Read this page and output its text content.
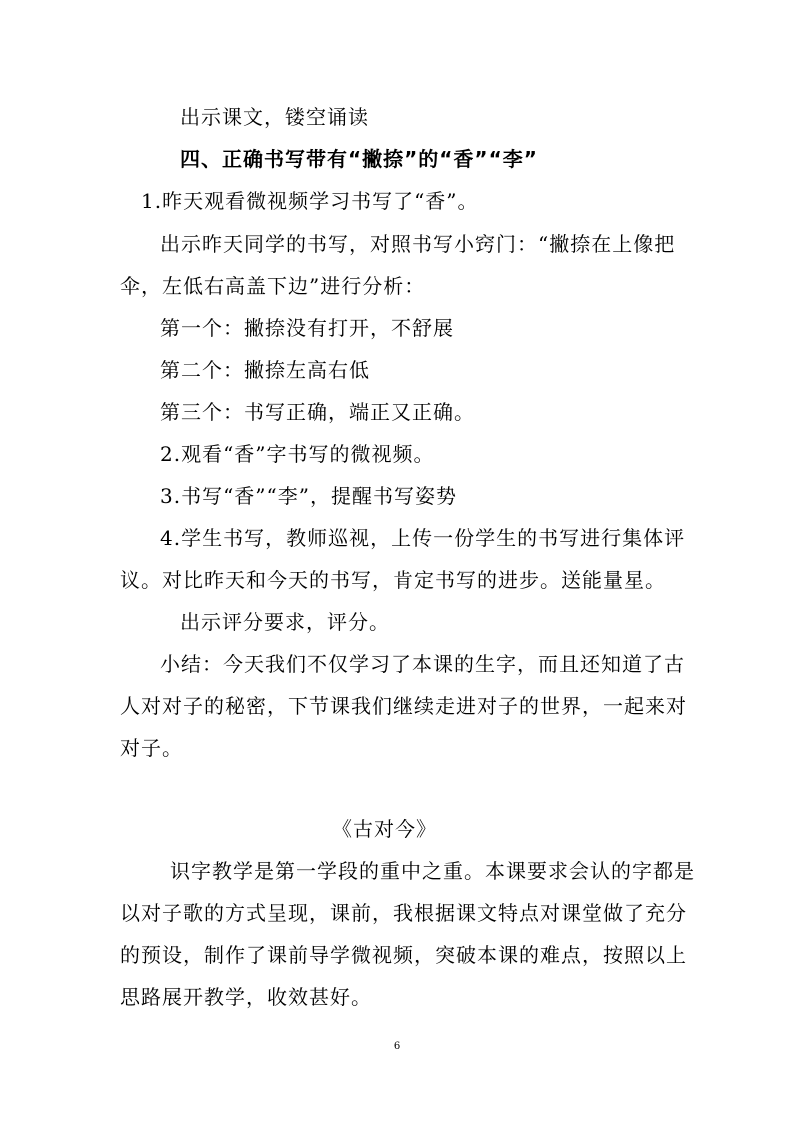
出示课文，镂空诵读
四、正确书写带有“撇捺”的“香”“李”
1.昨天观看微视频学习书写了“香”。
出示昨天同学的书写，对照书写小窍门：“撇捺在上像把
伞，左低右高盖下边”进行分析：
第一个：撇捺没有打开，不舒展
第二个：撇捺左高右低
第三个：书写正确，端正又正确。
2.观看“香”字书写的微视频。
3.书写“香”“李”，提醒书写姿势
4.学生书写，教师巡视，上传一份学生的书写进行集体评
议。对比昨天和今天的书写，肯定书写的进步。送能量星。
出示评分要求，评分。
小结：今天我们不仅学习了本课的生字，而且还知道了古
人对对子的秘密，下节课我们继续走进对子的世界，一起来对
对子。
《古对今》
识字教学是第一学段的重中之重。本课要求会认的字都是
以对子歌的方式呈现，课前，我根据课文特点对课堂做了充分
的预设，制作了课前导学微视频，突破本课的难点，按照以上
思路展开教学，收效甚好。
6
